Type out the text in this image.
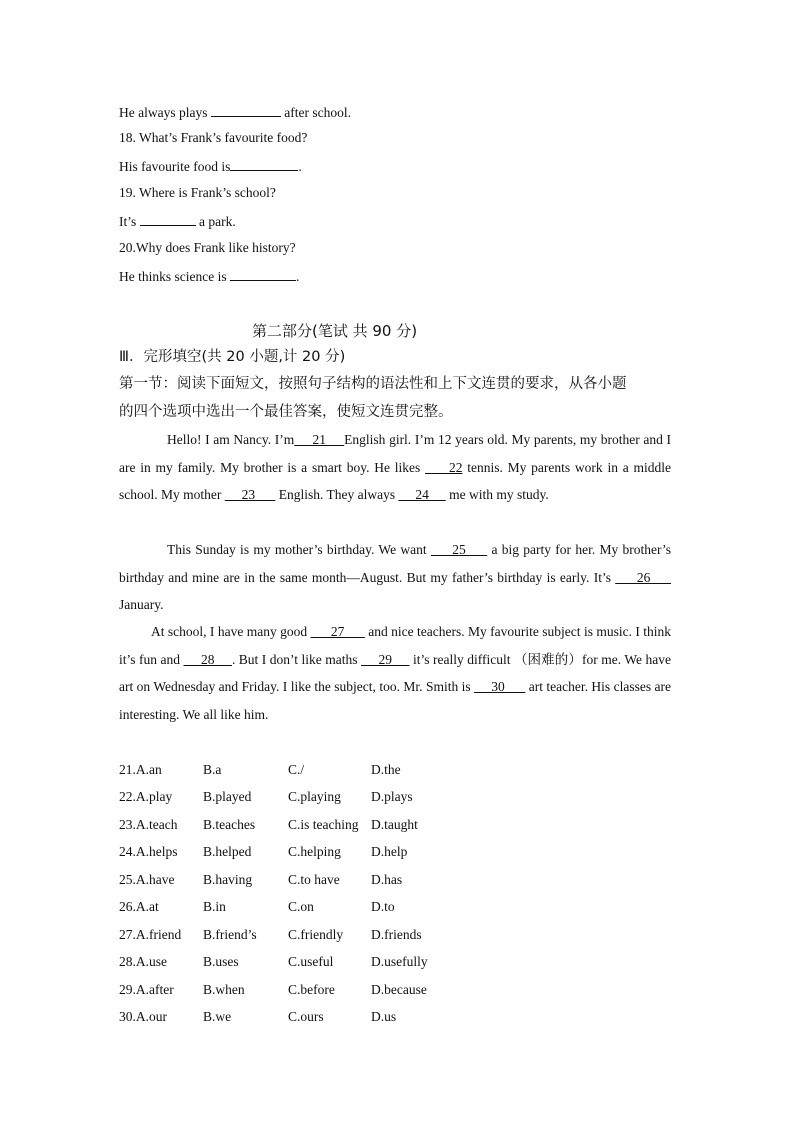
He always plays	after school.
18. What’s Frank’s favourite food?
His favourite food is	.
19. Where is Frank’s school?
It’s	a park.
20.Why does Frank like history?
He thinks science is	.
第二部分(笔试 共 90 分)
Ⅲ．完形填空(共 20 小题,计 20 分)
第一节：阅读下面短文，按照句子结构的语法性和上下文连贯的要求，从各小题
的四个选项中选出一个最佳答案，使短文连贯完整。
Hello! I am Nancy. I’m     21     English girl. I’m 12 years old. My parents, my brother and I are in my family. My brother is a smart boy. He likes      22 tennis. My parents work in a middle school. My mother      23       English. They always      24      me with my study.
This Sunday is my mother’s birthday. We want      25      a big party for her. My brother’s birthday and mine are in the same month—August. But my father’s birthday is early. It’s      26      January.
At school, I have many good       27       and nice teachers. My favourite subject is music. I think it’s fun and      28     . But I don’t like maths      29      it’s really difficult （困难的）for me. We have art on Wednesday and Friday. I like the subject, too. Mr. Smith is      30       art teacher. His classes are interesting. We all like him.
21.A.an	B.a	C./	D.the
22.A.play B.played	C.playing D.plays
23.A.teach B.teaches C.is teaching D.taught
24.A.helps B.helped	C.helping D.help
25.A.have B.having	C.to have D.has
26.A.at	B.in	C.on	D.to
27.A.friend B.friend’s C.friendly D.friends
28.A.use	B.uses	C.useful	D.usefully
29.A.after B.when	C.before	D.because
30.A.our	B.we	C.ours	D.us
